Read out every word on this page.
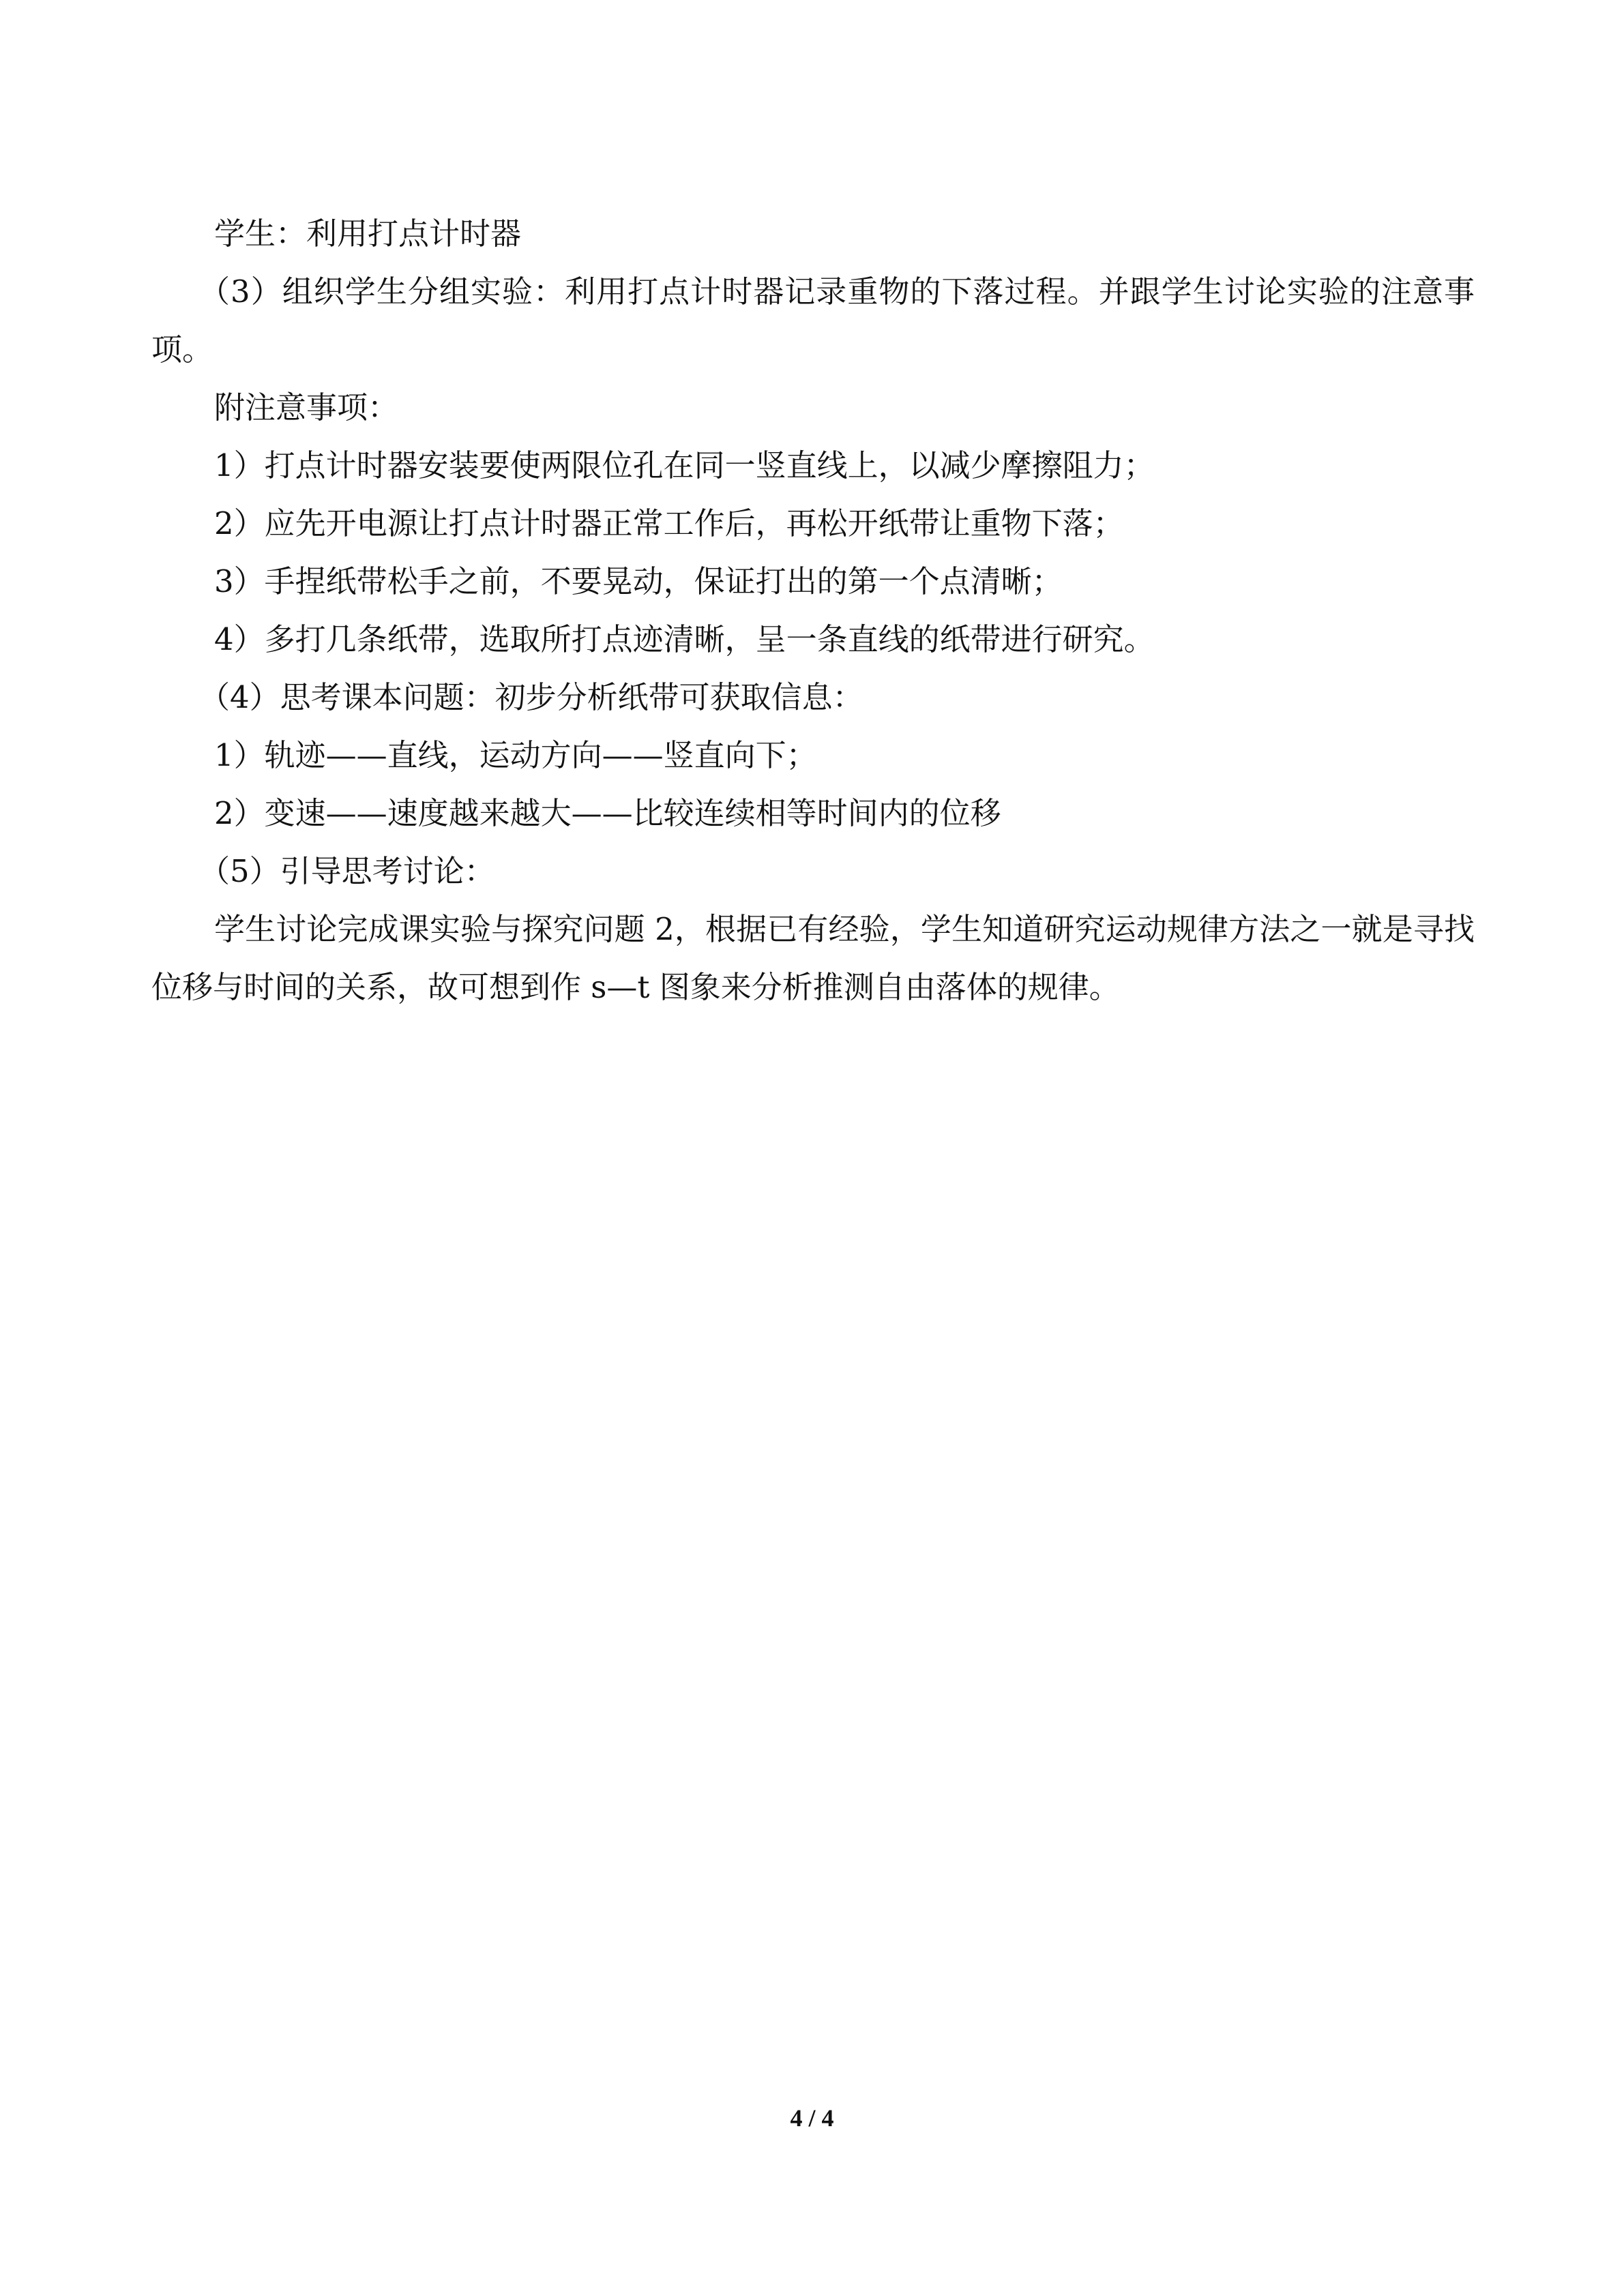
学生：利用打点计时器

（3）组织学生分组实验：利用打点计时器记录重物的下落过程。并跟学生讨论实验的注意事项。

附注意事项：

1）打点计时器安装要使两限位孔在同一竖直线上，以减少摩擦阻力；

2）应先开电源让打点计时器正常工作后，再松开纸带让重物下落；

3）手捏纸带松手之前，不要晃动，保证打出的第一个点清晰；

4）多打几条纸带，选取所打点迹清晰，呈一条直线的纸带进行研究。

（4）思考课本问题：初步分析纸带可获取信息：

1）轨迹——直线，运动方向——竖直向下；

2）变速——速度越来越大——比较连续相等时间内的位移

（5）引导思考讨论：

学生讨论完成课实验与探究问题 2，根据已有经验，学生知道研究运动规律方法之一就是寻找位移与时间的关系，故可想到作 s—t 图象来分析推测自由落体的规律。

4 / 4
